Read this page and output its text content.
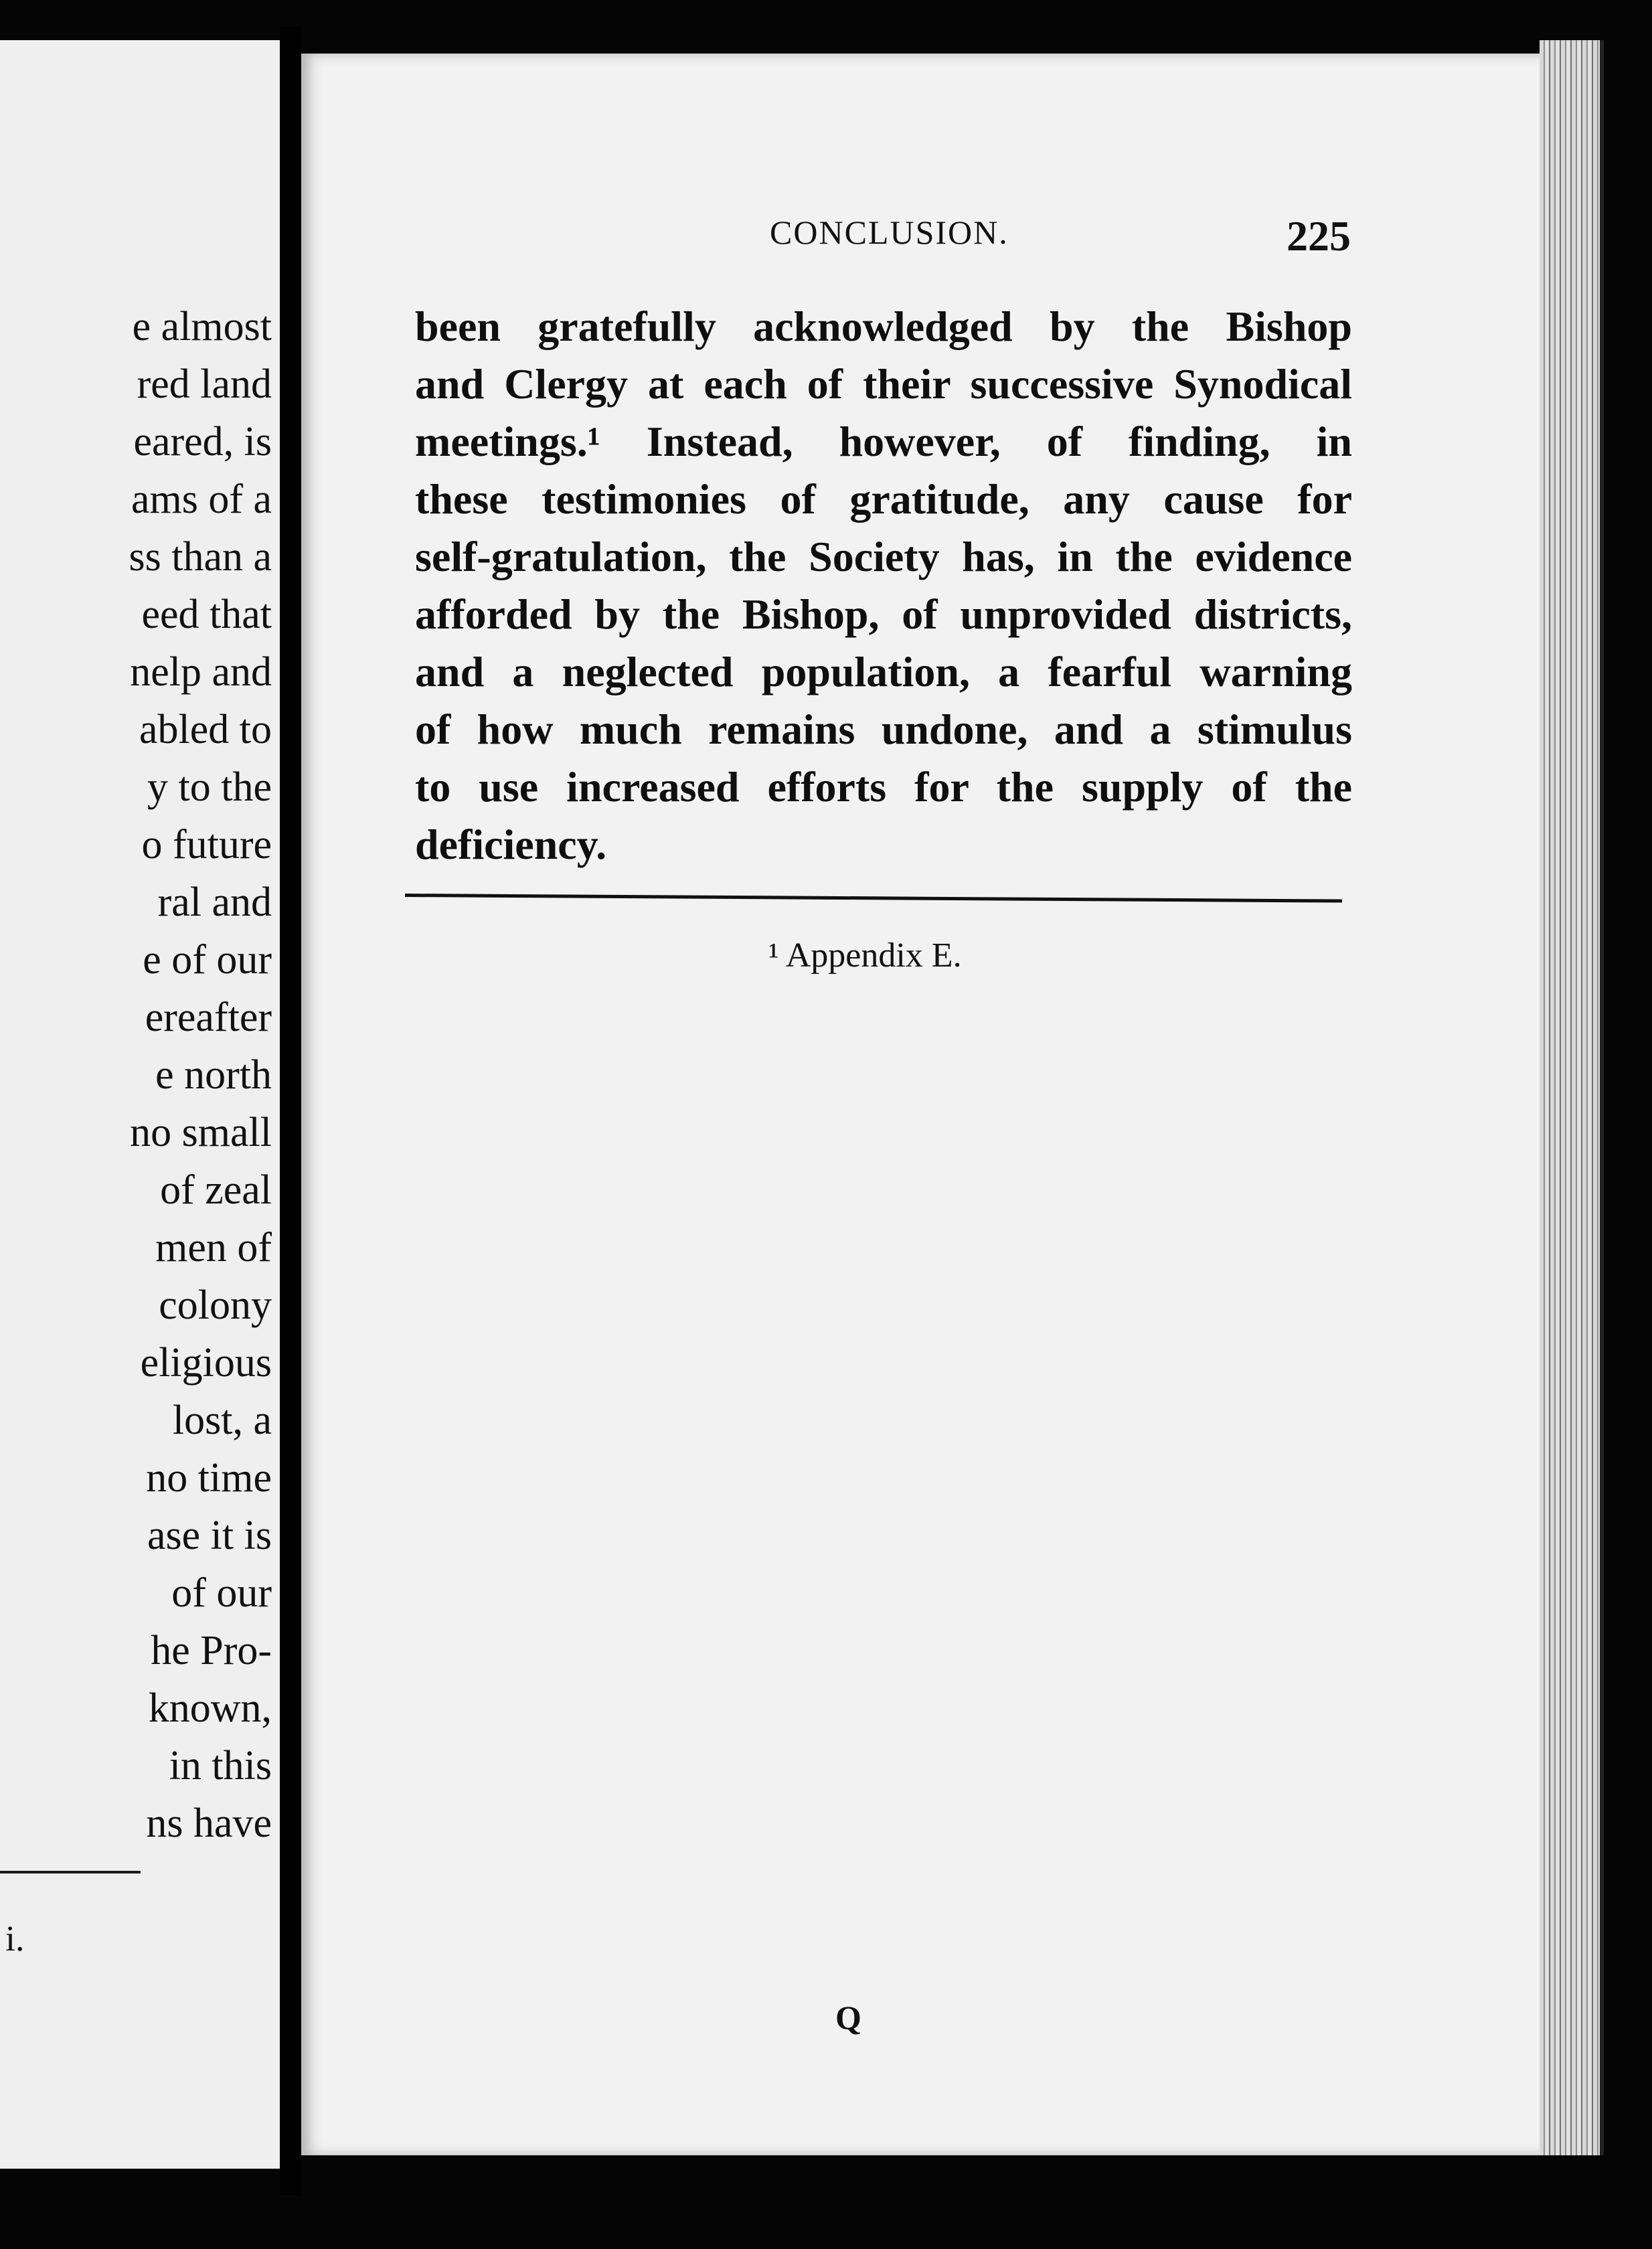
e almost

red land

eared, is

ams of a

ss than a

eed that

nelp and

abled to

y to the

o future

ral and

e of our

ereafter

e north

no small

of zeal

men of

colony

eligious

lost, a

no time

ase it is

of our

he Pro-

known,

in this

ns have

i.

CONCLUSION.	225

been gratefully acknowledged by the Bishop

and Clergy at each of their successive Synodical

meetings.¹ Instead, however, of finding, in

these testimonies of gratitude, any cause for

self-gratulation, the Society has, in the evidence

afforded by the Bishop, of unprovided districts,

and a neglected population, a fearful warning

of how much remains undone, and a stimulus

to use increased efforts for the supply of the

deficiency.

¹ Appendix E.

Q
